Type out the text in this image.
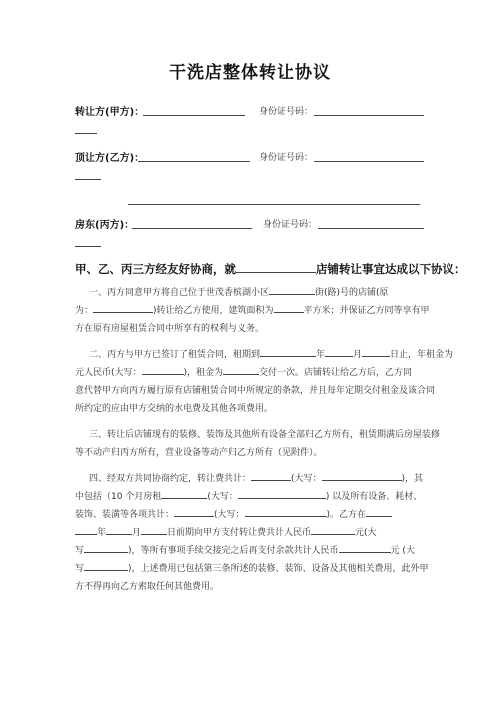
干洗店整体转让协议
转让方(甲方)：	身份证号码：
顶让方(乙方)：	身份证号码：
房东(丙方)：	身份证号码：
甲、乙、丙三方经友好协商，就	店铺转让事宜达成以下协议：
一、丙方同意甲方将自己位于世茂香槟湖小区	街(路)号的店铺(原
为：	)转让给乙方使用，建筑面积为	平方米；并保证乙方同等享有甲
方在原有房屋租赁合同中所享有的权利与义务。
二、丙方与甲方已签订了租赁合同，租期到	年	月	日止，年租金为
元人民币(大写：	)，租金为	交付一次。店铺转让给乙方后，乙方同
意代替甲方向丙方履行原有店铺租赁合同中所规定的条款，并且每年定期交付租金及该合同
所约定的应由甲方交纳的水电费及其他各项费用。
三、转让后店铺现有的装修、装饰及其他所有设备全部归乙方所有，租赁期满后房屋装修
等不动产归丙方所有，营业设备等动产归乙方所有（见附件）。
四、经双方共同协商约定，转让费共计：	(大写：	)，其
中包括（10 个月房租	(大写：	) 以及所有设备、耗材、
装饰、装潢等各项共计：	(大写：	)。乙方在
年	月	日前期向甲方支付转让费共计人民币	元(大
写	)，等所有事项手续交接完之后再支付余款共计人民币	元 (大
写	)，上述费用已包括第三条所述的装修、装饰、设备及其他相关费用，此外甲
方不得再向乙方索取任何其他费用。
